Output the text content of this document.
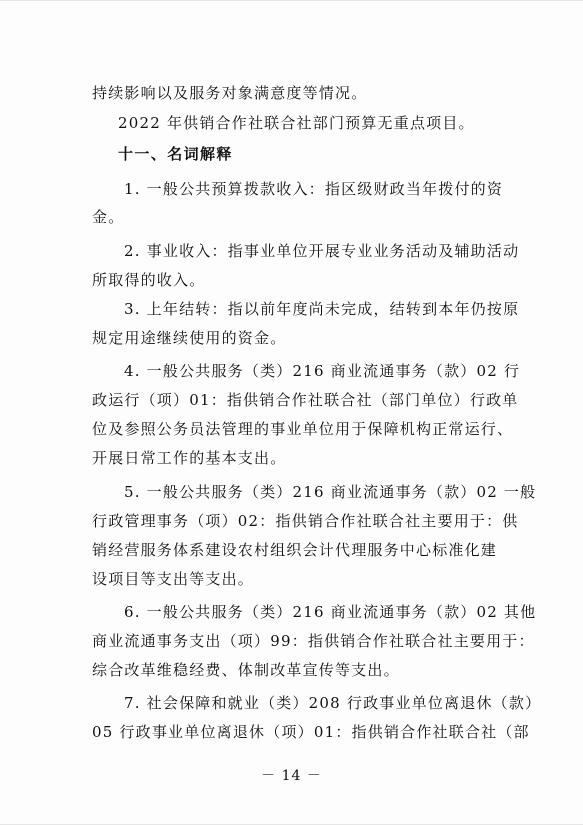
持续影响以及服务对象满意度等情况。
2022 年供销合作社联合社部门预算无重点项目。
十一、名词解释
1. 一般公共预算拨款收入：指区级财政当年拨付的资
金。
2. 事业收入：指事业单位开展专业业务活动及辅助活动
所取得的收入。
3. 上年结转：指以前年度尚未完成，结转到本年仍按原
规定用途继续使用的资金。
4. 一般公共服务（类）216 商业流通事务（款）02 行
政运行（项）01：指供销合作社联合社（部门单位）行政单
位及参照公务员法管理的事业单位用于保障机构正常运行、
开展日常工作的基本支出。
5. 一般公共服务（类）216 商业流通事务（款）02 一般
行政管理事务（项）02：指供销合作社联合社主要用于：供
销经营服务体系建设农村组织会计代理服务中心标准化建
设项目等支出等支出。
6. 一般公共服务（类）216 商业流通事务（款）02 其他
商业流通事务支出（项）99：指供销合作社联合社主要用于：
综合改革维稳经费、体制改革宣传等支出。
7. 社会保障和就业（类）208 行政事业单位离退休（款）
05 行政事业单位离退休（项）01：指供销合作社联合社（部
－ 14 －
